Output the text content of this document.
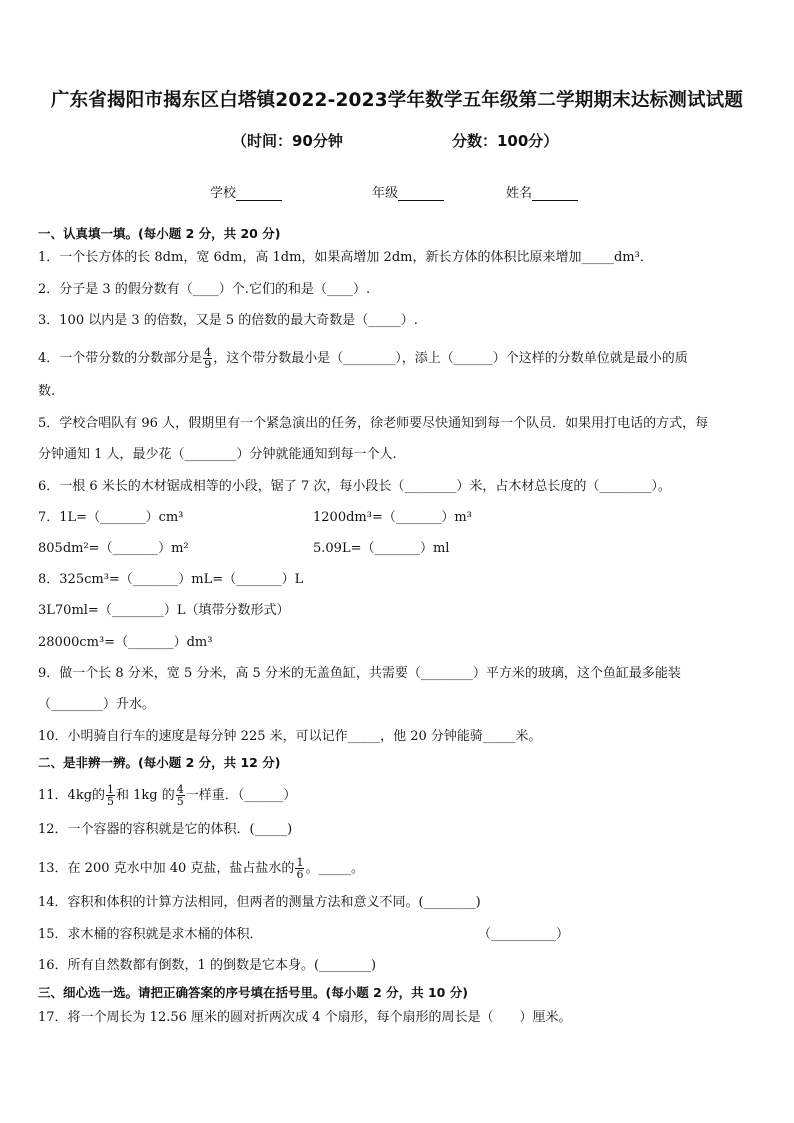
广东省揭阳市揭东区白塔镇2022-2023学年数学五年级第二学期期末达标测试试题
（时间：90分钟	分数：100分）
学校	年级	姓名
一、认真填一填。(每小题 2 分，共 20 分)
1．一个长方体的长 8dm，宽 6dm，高 1dm，如果高增加 2dm，新长方体的体积比原来增加_____dm³．
2．分子是 3 的假分数有（____）个.它们的和是（____）.
3．100 以内是 3 的倍数，又是 5 的倍数的最大奇数是（_____）.
4．一个带分数的分数部分是 $\frac{4}{9}$ ，这个带分数最小是（________），添上（______）个这样的分数单位就是最小的质
数.
5．学校合唱队有 96 人，假期里有一个紧急演出的任务，徐老师要尽快通知到每一个队员．如果用打电话的方式，每
分钟通知 1 人，最少花（________）分钟就能通知到每一个人.
6．一根 6 米长的木材锯成相等的小段，锯了 7 次，每小段长（________）米，占木材总长度的（________）。
7．1L=（_______）cm³	1200dm³=（_______）m³
805dm²=（_______）m²	5.09L=（_______）ml
8．325cm³=（_______）mL=（_______）L
3L70ml=（________）L（填带分数形式）
28000cm³=（_______）dm³
9．做一个长 8 分米，宽 5 分米，高 5 分米的无盖鱼缸，共需要（________）平方米的玻璃，这个鱼缸最多能装
（________）升水。
10．小明骑自行车的速度是每分钟 225 米，可以记作_____，他 20 分钟能骑_____米。
二、是非辨一辨。(每小题 2 分，共 12 分)
11．4kg的 $\frac{1}{5}$ 和 1kg 的 $\frac{4}{5}$ 一样重．（______）
12．一个容器的容积就是它的体积．(_____)
13．在 200 克水中加 40 克盐，盐占盐水的 $\frac{1}{6}$ 。_____。
14．容积和体积的计算方法相同，但两者的测量方法和意义不同。(________)
15．求木桶的容积就是求木桶的体积．	（__________）
16．所有自然数都有倒数，1 的倒数是它本身。(________)
三、细心选一选。请把正确答案的序号填在括号里。(每小题 2 分，共 10 分)
17．将一个周长为 12.56 厘米的圆对折两次成 4 个扇形，每个扇形的周长是（　　）厘米。
